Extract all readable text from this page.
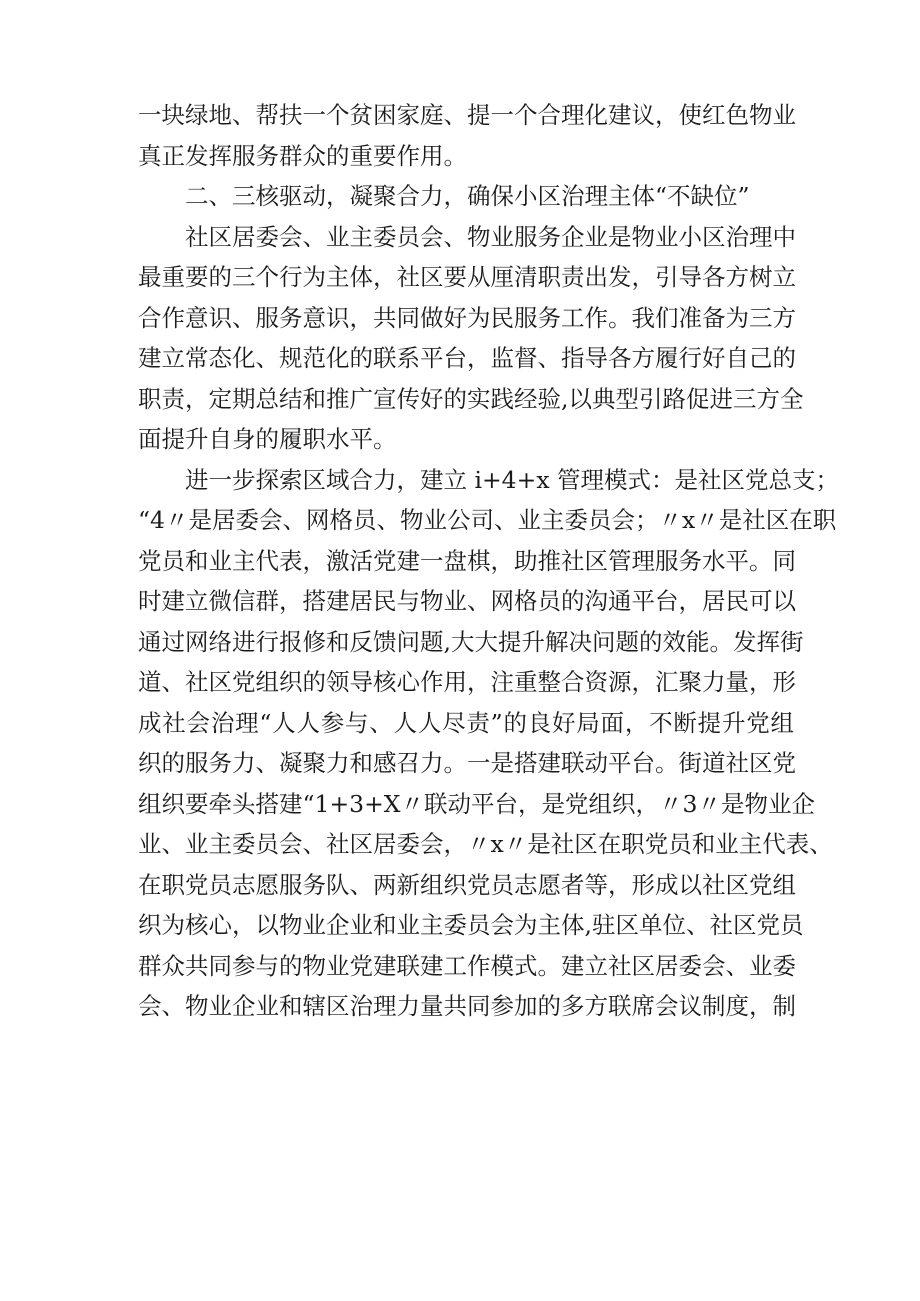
一块绿地、帮扶一个贫困家庭、提一个合理化建议，使红色物业
真正发挥服务群众的重要作用。
二、三核驱动，凝聚合力，确保小区治理主体“不缺位”
社区居委会、业主委员会、物业服务企业是物业小区治理中
最重要的三个行为主体，社区要从厘清职责出发，引导各方树立
合作意识、服务意识，共同做好为民服务工作。我们准备为三方
建立常态化、规范化的联系平台，监督、指导各方履行好自己的
职责，定期总结和推广宣传好的实践经验,以典型引路促进三方全
面提升自身的履职水平。
进一步探索区域合力，建立 i+4+x 管理模式：是社区党总支；
“4〃是居委会、网格员、物业公司、业主委员会；〃x〃是社区在职
党员和业主代表，激活党建一盘棋，助推社区管理服务水平。同
时建立微信群，搭建居民与物业、网格员的沟通平台，居民可以
通过网络进行报修和反馈问题,大大提升解决问题的效能。发挥街
道、社区党组织的领导核心作用，注重整合资源，汇聚力量，形
成社会治理“人人参与、人人尽责”的良好局面，不断提升党组
织的服务力、凝聚力和感召力。一是搭建联动平台。街道社区党
组织要牵头搭建“1+3+X〃联动平台，是党组织，〃3〃是物业企
业、业主委员会、社区居委会，〃x〃是社区在职党员和业主代表、
在职党员志愿服务队、两新组织党员志愿者等，形成以社区党组
织为核心，以物业企业和业主委员会为主体,驻区单位、社区党员
群众共同参与的物业党建联建工作模式。建立社区居委会、业委
会、物业企业和辖区治理力量共同参加的多方联席会议制度，制
